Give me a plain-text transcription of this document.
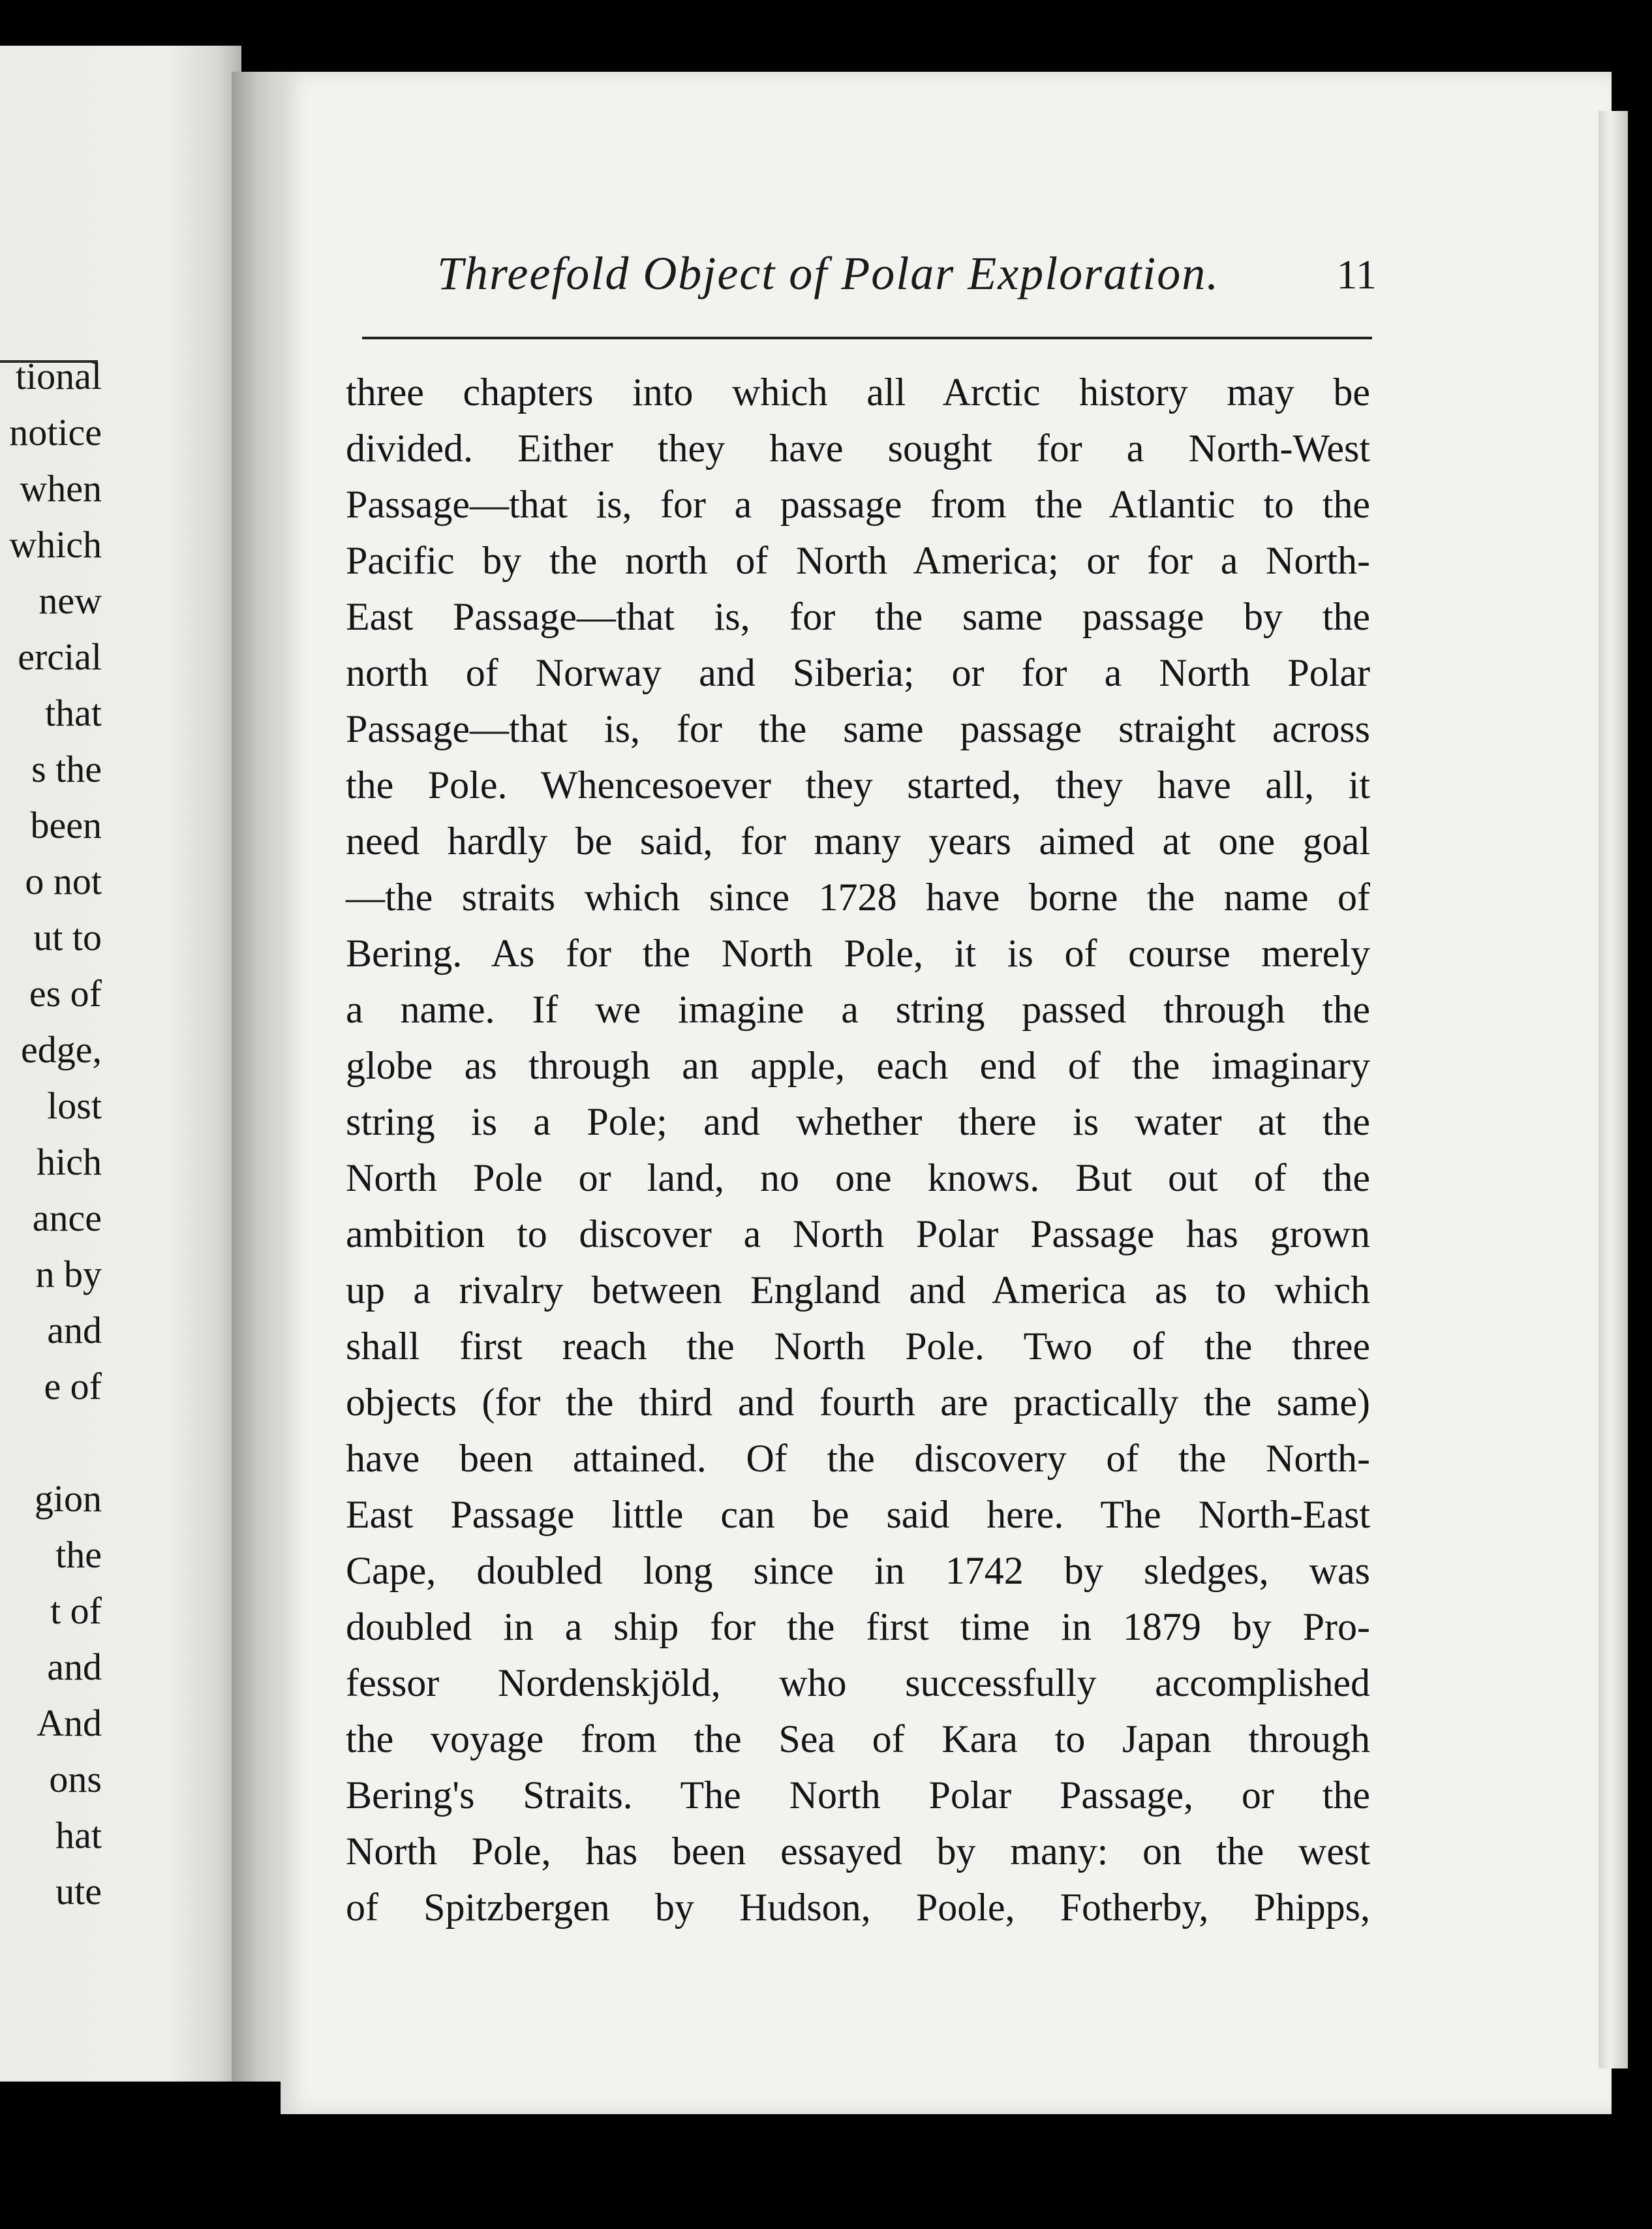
tional
notice
when
which
new
ercial
that
s the
been
o not
ut to
es of
edge,
lost
hich
ance
n by
and
e of
gion
the
t of
and
And
ons
hat
ute
Threefold Object of Polar Exploration.	11
three chapters into which all Arctic history may be
divided. Either they have sought for a North-West
Passage—that is, for a passage from the Atlantic to the
Pacific by the north of North America; or for a North-
East Passage—that is, for the same passage by the
north of Norway and Siberia; or for a North Polar
Passage—that is, for the same passage straight across
the Pole. Whencesoever they started, they have all, it
need hardly be said, for many years aimed at one goal
—the straits which since 1728 have borne the name of
Bering. As for the North Pole, it is of course merely
a name. If we imagine a string passed through the
globe as through an apple, each end of the imaginary
string is a Pole; and whether there is water at the
North Pole or land, no one knows. But out of the
ambition to discover a North Polar Passage has grown
up a rivalry between England and America as to which
shall first reach the North Pole. Two of the three
objects (for the third and fourth are practically the same)
have been attained. Of the discovery of the North-
East Passage little can be said here. The North-East
Cape, doubled long since in 1742 by sledges, was
doubled in a ship for the first time in 1879 by Pro-
fessor Nordenskjöld, who successfully accomplished
the voyage from the Sea of Kara to Japan through
Bering's Straits. The North Polar Passage, or the
North Pole, has been essayed by many: on the west
of Spitzbergen by Hudson, Poole, Fotherby, Phipps,
